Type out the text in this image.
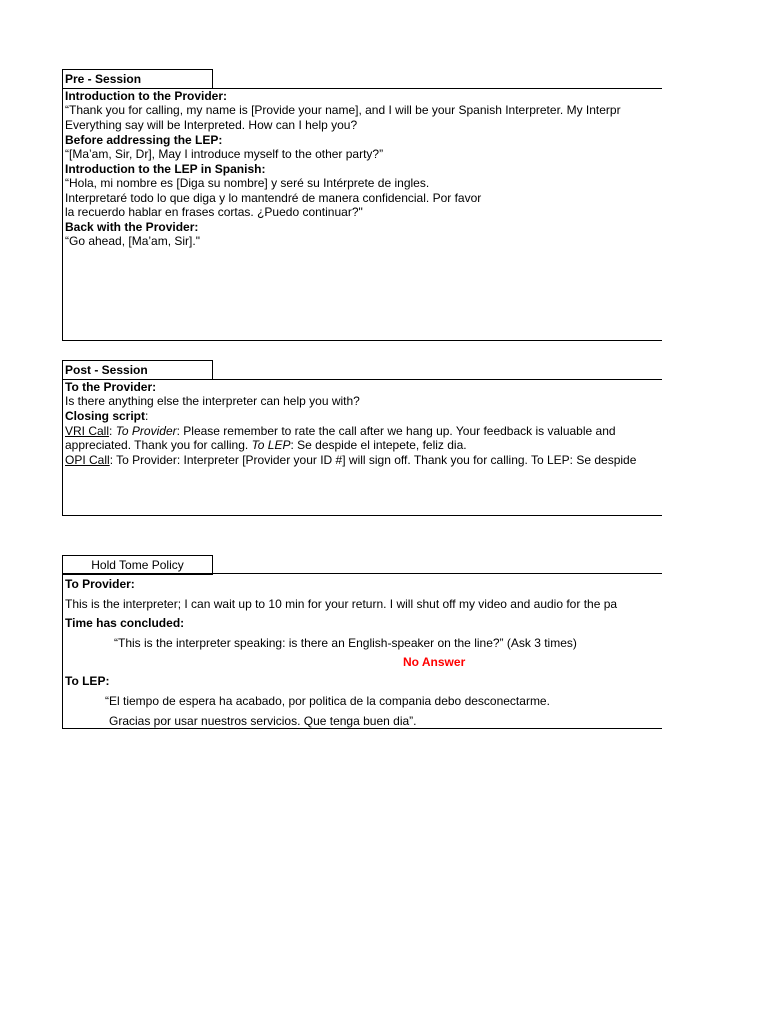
Pre - Session
Introduction to the Provider:
“Thank you for calling, my name is [Provide your name], and I will be your Spanish Interpreter. My Interpr
Everything say will be Interpreted. How can I help you?
Before addressing the LEP:
“[Ma’am, Sir, Dr], May I introduce myself to the other party?”
Introduction to the LEP in Spanish:
“Hola, mi nombre es [Diga su nombre] y seré su Intérprete de ingles.
Interpretaré todo lo que diga y lo mantendré de manera confidencial. Por favor
la recuerdo hablar en frases cortas. ¿Puedo continuar?"
Back with the Provider:
“Go ahead, [Ma’am, Sir]."
Post - Session
To the Provider:
Is there anything else the interpreter can help you with?
Closing script:
VRI Call: To Provider: Please remember to rate the call after we hang up. Your feedback is valuable and
appreciated. Thank you for calling. To LEP: Se despide el intepete, feliz dia.
OPI Call: To Provider: Interpreter [Provider your ID #] will sign off. Thank you for calling. To LEP: Se despide
Hold Tome Policy
To Provider:
This is the interpreter; I can wait up to 10 min for your return. I will shut off my video and audio for the pa
Time has concluded:
“This is the interpreter speaking: is there an English-speaker on the line?” (Ask 3 times)
No Answer
To LEP:
“El tiempo de espera ha acabado, por politica de la compania debo desconectarme.
Gracias por usar nuestros servicios. Que tenga buen dia”.
